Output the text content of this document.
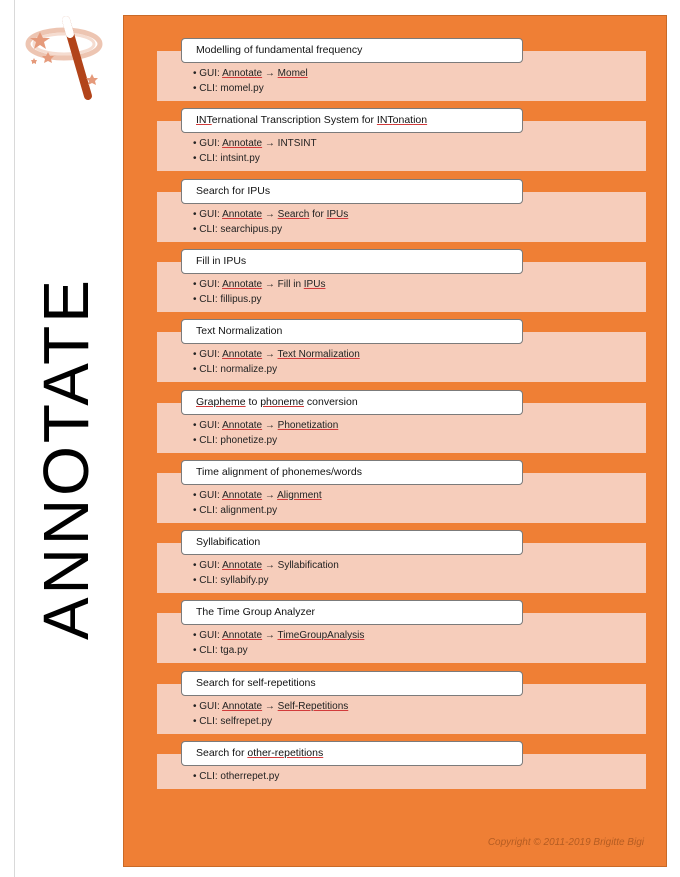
ANNOTATE
Copyright © 2011-2019 Brigitte Bigi
• GUI: Annotate → Momel
• CLI: momel.py
Modelling of fundamental frequency
• GUI: Annotate → INTSINT
• CLI: intsint.py
INTernational Transcription System for INTonation
• GUI: Annotate → Search for IPUs
• CLI: searchipus.py
Search for IPUs
• GUI: Annotate → Fill in IPUs
• CLI: fillipus.py
Fill in IPUs
• GUI: Annotate → Text Normalization
• CLI: normalize.py
Text Normalization
• GUI: Annotate → Phonetization
• CLI: phonetize.py
Grapheme to phoneme conversion
• GUI: Annotate → Alignment
• CLI: alignment.py
Time alignment of phonemes/words
• GUI: Annotate → Syllabification
• CLI: syllabify.py
Syllabification
• GUI: Annotate → TimeGroupAnalysis
• CLI: tga.py
The Time Group Analyzer
• GUI: Annotate → Self-Repetitions
• CLI: selfrepet.py
Search for self-repetitions
• CLI: otherrepet.py
Search for other-repetitions
